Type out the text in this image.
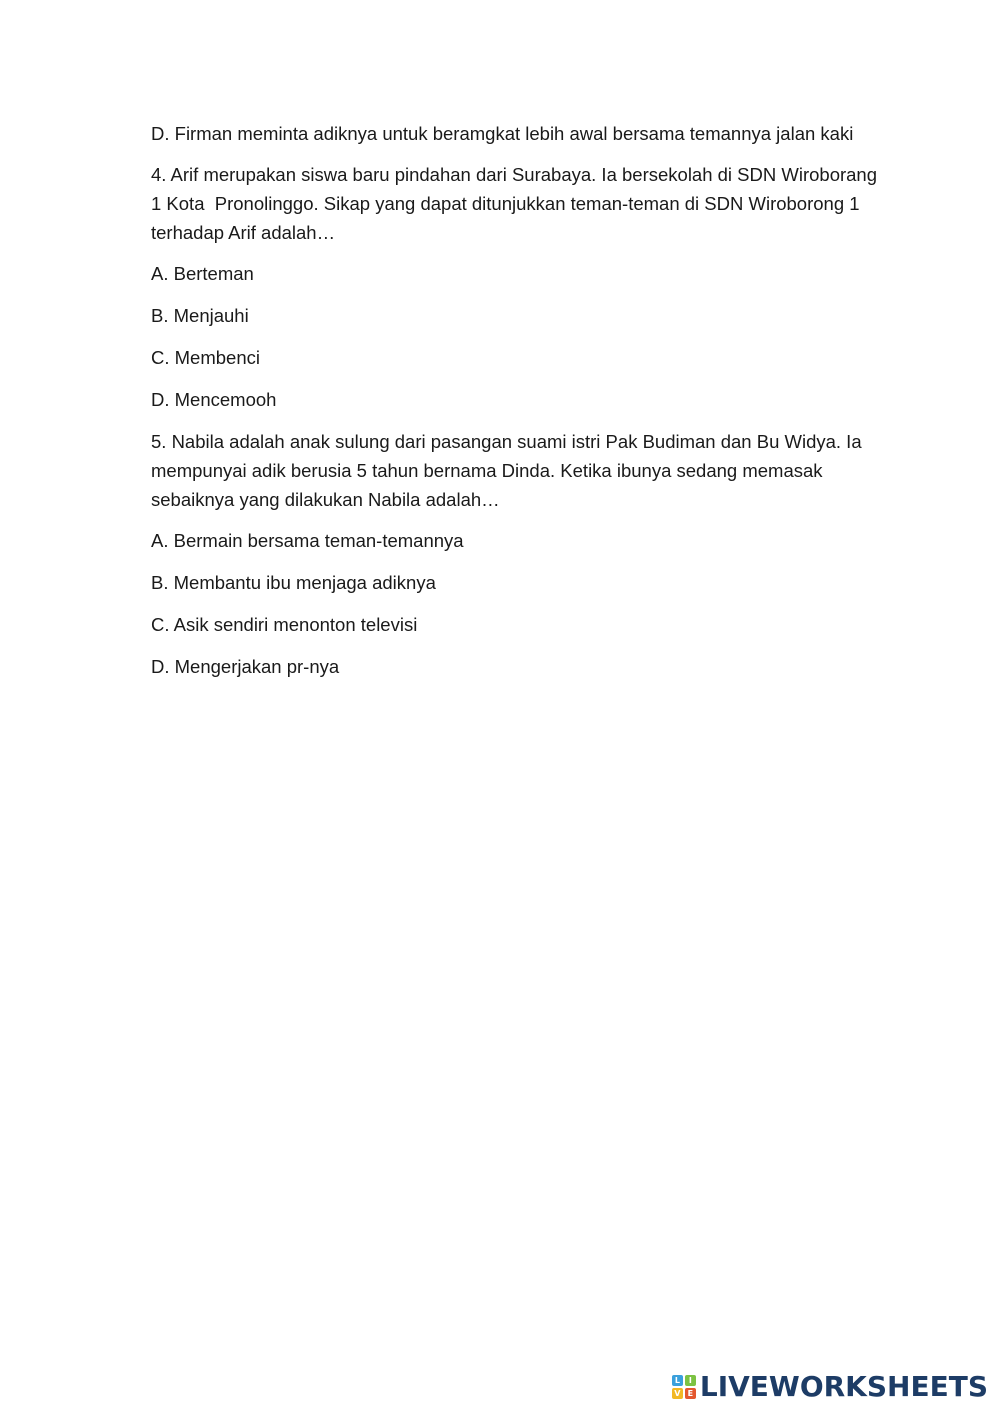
D. Firman meminta adiknya untuk beramgkat lebih awal bersama temannya jalan kaki

4. Arif merupakan siswa baru pindahan dari Surabaya. Ia bersekolah di SDN Wiroborang 1 Kota  Pronolinggo. Sikap yang dapat ditunjukkan teman-teman di SDN Wiroborong 1 terhadap Arif adalah…

A. Berteman

B. Menjauhi

C. Membenci

D. Mencemooh

5. Nabila adalah anak sulung dari pasangan suami istri Pak Budiman dan Bu Widya. Ia mempunyai adik berusia 5 tahun bernama Dinda. Ketika ibunya sedang memasak sebaiknya yang dilakukan Nabila adalah…

A. Bermain bersama teman-temannya

B. Membantu ibu menjaga adiknya

C. Asik sendiri menonton televisi

D. Mengerjakan pr-nya

L	I
V E LIVEWORKSHEETS
